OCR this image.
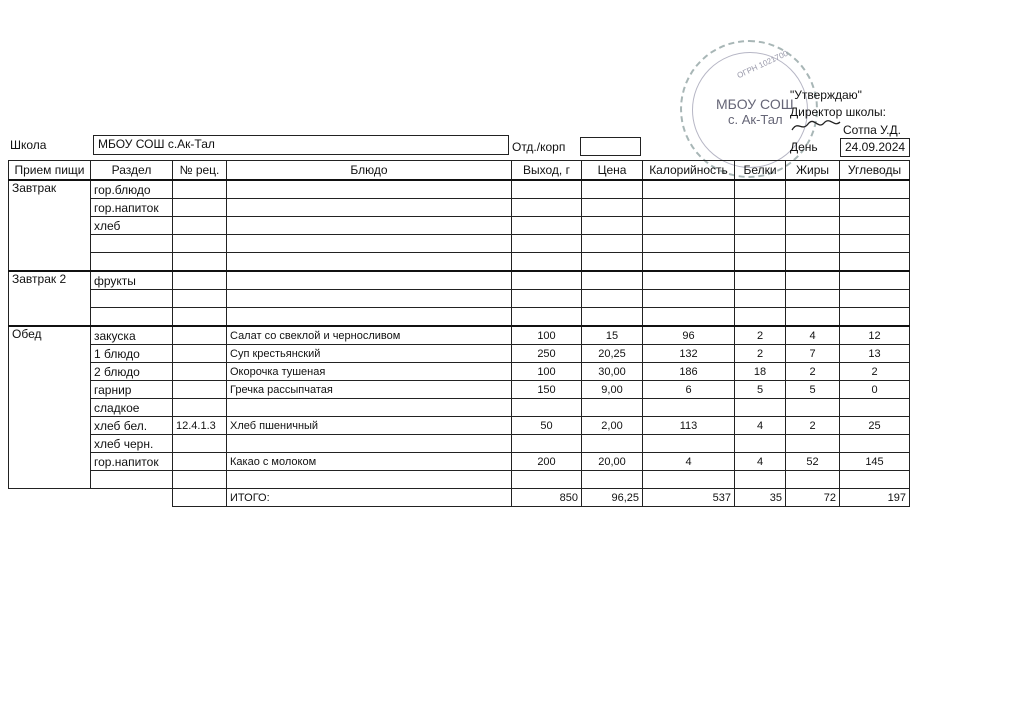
ОГРН 1021700
МБОУ СОШ
с. Ак-Тал
"Утверждаю"
Директор школы:
Сотпа У.Д.
День	24.09.2024
Школа	МБОУ СОШ с.Ак-Тал	Отд./корп
Прием пищи	Раздел	№ рец.	Блюдо	Выход, г	Цена	Калорийность	Белки	Жиры	Углеводы
Завтрак	гор.блюдо								
	гор.напиток								
	хлеб								

Завтрак 2	фрукты								

Обед	закуска		Салат со свеклой и черносливом	100	15	96	2	4	12
	1 блюдо		Суп крестьянский	250	20,25	132	2	7	13
	2 блюдо		Окорочка тушеная	100	30,00	186	18	2	2
	гарнир		Гречка рассыпчатая	150	9,00	6	5	5	0
	сладкое								
	хлеб бел.	12.4.1.3	Хлеб пшеничный	50	2,00	113	4	2	25
	хлеб черн.								
	гор.напиток		Какао с молоком	200	20,00	4	4	52	145

			ИТОГО:	850	96,25	537	35	72	197
